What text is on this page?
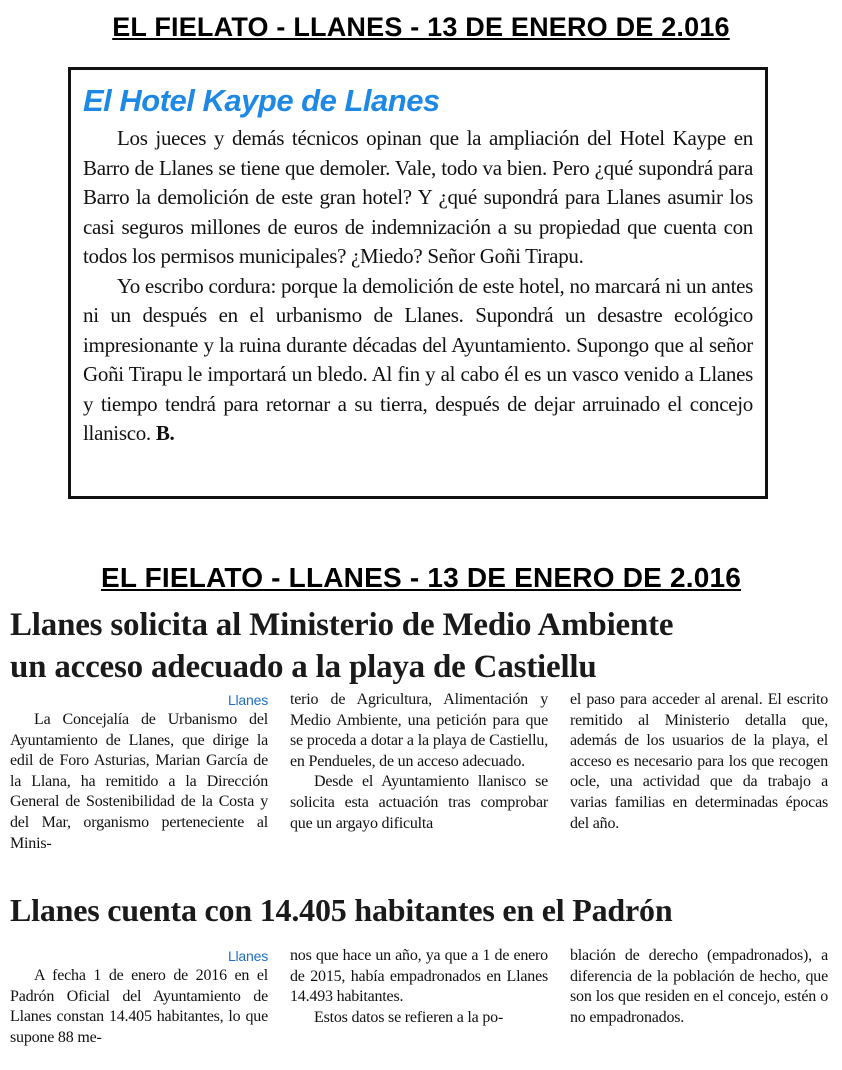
EL FIELATO - LLANES - 13 DE ENERO DE 2.016
El Hotel Kaype de Llanes

Los jueces y demás técnicos opinan que la ampliación del Hotel Kaype en Barro de Llanes se tiene que demoler. Vale, todo va bien. Pero ¿qué supondrá para Barro la demolición de este gran hotel? Y ¿qué supondrá para Llanes asumir los casi seguros millones de euros de indemnización a su propiedad que cuenta con todos los permisos municipales? ¿Miedo? Señor Goñi Tirapu.

Yo escribo cordura: porque la demolición de este hotel, no marcará ni un antes ni un después en el urbanismo de Llanes. Supondrá un desastre ecológico impresionante y la ruina durante décadas del Ayuntamiento. Supongo que al señor Goñi Tirapu le importará un bledo. Al fin y al cabo él es un vasco venido a Llanes y tiempo tendrá para retornar a su tierra, después de dejar arruinado el concejo llanisco. B.

EL FIELATO - LLANES - 13 DE ENERO DE 2.016
Llanes solicita al Ministerio de Medio Ambiente
un acceso adecuado a la playa de Castiellu
Llanes

La Concejalía de Urbanismo del Ayuntamiento de Llanes, que dirige la edil de Foro Asturias, Marian García de la Llana, ha remitido a la Dirección General de Sostenibilidad de la Costa y del Mar, organismo perteneciente al Minis-

terio de Agricultura, Alimentación y Medio Ambiente, una petición para que se proceda a dotar a la playa de Castiellu, en Pendueles, de un acceso adecuado.

Desde el Ayuntamiento llanisco se solicita esta actuación tras comprobar que un argayo dificulta

el paso para acceder al arenal. El escrito remitido al Ministerio detalla que, además de los usuarios de la playa, el acceso es necesario para los que recogen ocle, una actividad que da trabajo a varias familias en determinadas épocas del año.

Llanes cuenta con 14.405 habitantes en el Padrón
Llanes

A fecha 1 de enero de 2016 en el Padrón Oficial del Ayuntamiento de Llanes constan 14.405 habitantes, lo que supone 88 me-

nos que hace un año, ya que a 1 de enero de 2015, había empadronados en Llanes 14.493 habitantes.

Estos datos se refieren a la po-

blación de derecho (empadronados), a diferencia de la población de hecho, que son los que residen en el concejo, estén o no empadronados.
